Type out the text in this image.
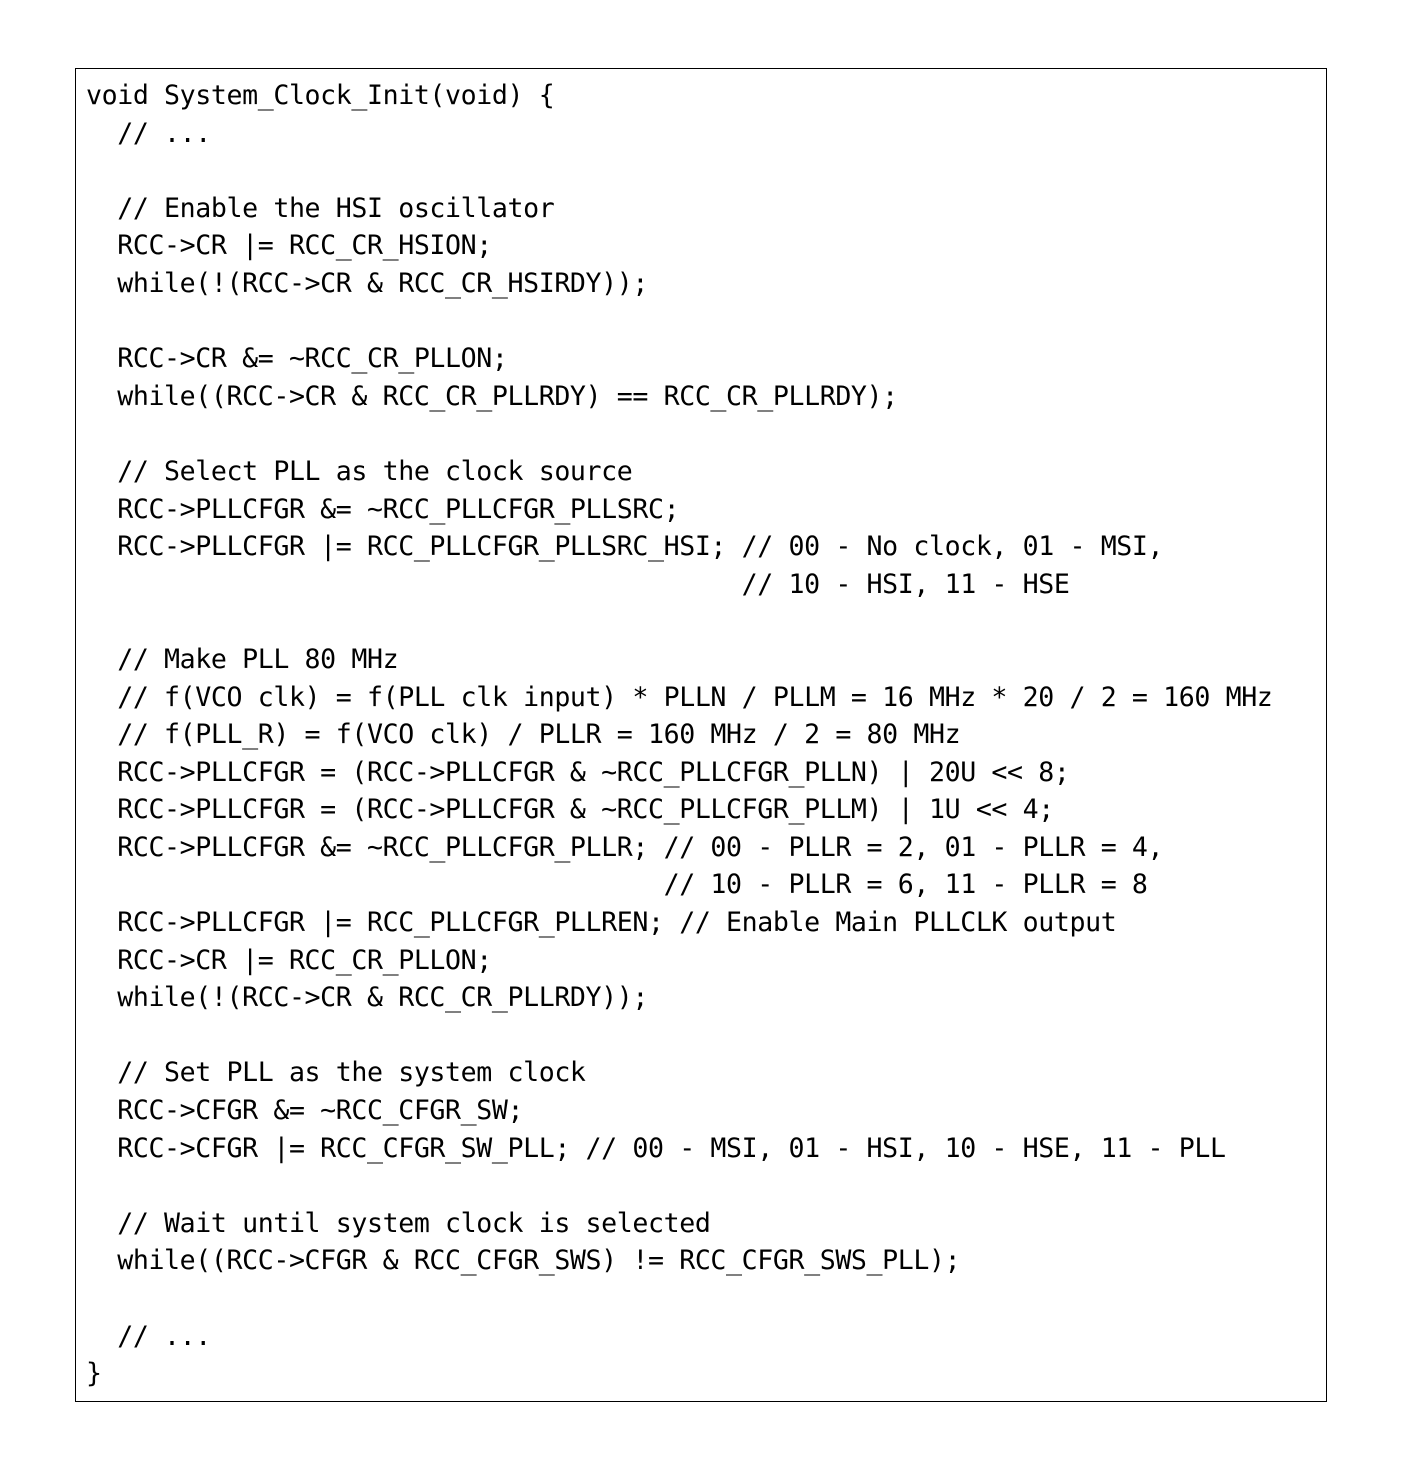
void System_Clock_Init(void) {
// ...
// Enable the HSI oscillator
RCC->CR |= RCC_CR_HSION;
while(!(RCC->CR & RCC_CR_HSIRDY));
RCC->CR &= ~RCC_CR_PLLON;
while((RCC->CR & RCC_CR_PLLRDY) == RCC_CR_PLLRDY);
// Select PLL as the clock source
RCC->PLLCFGR &= ~RCC_PLLCFGR_PLLSRC;
RCC->PLLCFGR |= RCC_PLLCFGR_PLLSRC_HSI; // 00 - No clock, 01 - MSI,
// 10 - HSI, 11 - HSE
// Make PLL 80 MHz
// f(VCO clk) = f(PLL clk input) * PLLN / PLLM = 16 MHz * 20 / 2 = 160 MHz
// f(PLL_R) = f(VCO clk) / PLLR = 160 MHz / 2 = 80 MHz
RCC->PLLCFGR = (RCC->PLLCFGR & ~RCC_PLLCFGR_PLLN) | 20U << 8;
RCC->PLLCFGR = (RCC->PLLCFGR & ~RCC_PLLCFGR_PLLM) | 1U << 4;
RCC->PLLCFGR &= ~RCC_PLLCFGR_PLLR; // 00 - PLLR = 2, 01 - PLLR = 4,
// 10 - PLLR = 6, 11 - PLLR = 8
RCC->PLLCFGR |= RCC_PLLCFGR_PLLREN; // Enable Main PLLCLK output
RCC->CR |= RCC_CR_PLLON;
while(!(RCC->CR & RCC_CR_PLLRDY));
// Set PLL as the system clock
RCC->CFGR &= ~RCC_CFGR_SW;
RCC->CFGR |= RCC_CFGR_SW_PLL; // 00 - MSI, 01 - HSI, 10 - HSE, 11 - PLL
// Wait until system clock is selected
while((RCC->CFGR & RCC_CFGR_SWS) != RCC_CFGR_SWS_PLL);
// ...
}
